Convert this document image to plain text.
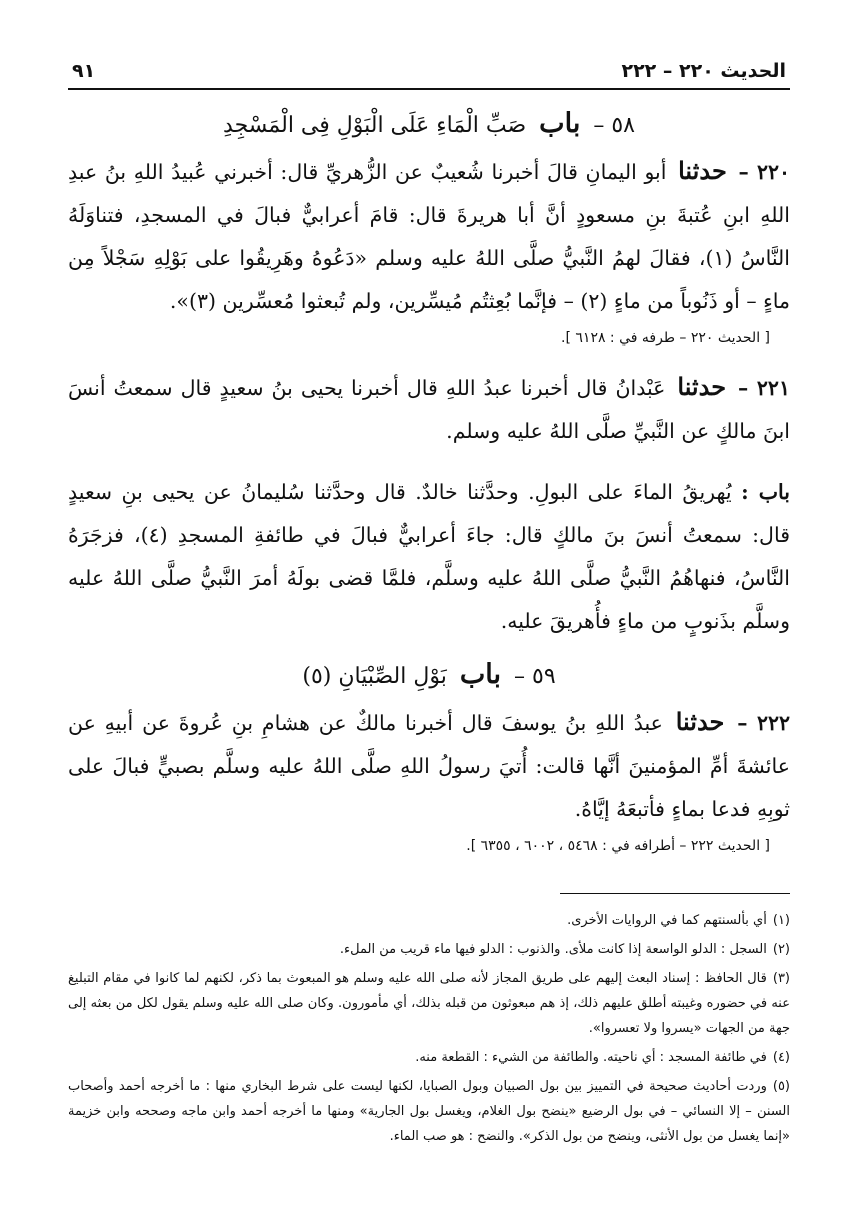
الحديث ٢٢٠ – ٢٢٢
٩١
٥٨ – باب صَبِّ الْمَاءِ عَلَى الْبَوْلِ فِى الْمَسْجِدِ

٢٢٠ – حدثنا أبو اليمانِ قالَ أخبرنا شُعيبٌ عن الزُّهريِّ قال: أخبرني عُبيدُ اللهِ بنُ عبدِ اللهِ ابنِ عُتبةَ بنِ مسعودٍ أنَّ أبا هريرةَ قال: قامَ أعرابيٌّ فبالَ في المسجدِ، فتناوَلَهُ النَّاسُ (١)، فقالَ لهمُ النَّبيُّ صلَّى اللهُ عليه وسلم «دَعُوهُ وهَرِيقُوا على بَوْلِهِ سَجْلاً مِن ماءٍ – أو ذَنُوباً من ماءٍ (٢) – فإنَّما بُعِثتُم مُيسِّرين، ولم تُبعثوا مُعسِّرين (٣)».

[ الحديث ٢٢٠ – طرفه في : ٦١٢٨ ].

٢٢١ – حدثنا عَبْدانُ قال أخبرنا عبدُ اللهِ قال أخبرنا يحيى بنُ سعيدٍ قال سمعتُ أنسَ ابنَ مالكٍ عن النَّبيِّ صلَّى اللهُ عليه وسلم.

باب : يُهريقُ الماءَ على البولِ. وحدَّثنا خالدٌ. قال وحدَّثنا سُليمانُ عن يحيى بنِ سعيدٍ قال: سمعتُ أنسَ بنَ مالكٍ قال: جاءَ أعرابيٌّ فبالَ في طائفةِ المسجدِ (٤)، فزجَرَهُ النَّاسُ، فنهاهُمُ النَّبيُّ صلَّى اللهُ عليه وسلَّم، فلمَّا قضى بولَهُ أمرَ النَّبيُّ صلَّى اللهُ عليه وسلَّم بذَنوبٍ من ماءٍ فأُهريقَ عليه.

٥٩ – باب بَوْلِ الصِّبْيَانِ (٥)

٢٢٢ – حدثنا عبدُ اللهِ بنُ يوسفَ قال أخبرنا مالكٌ عن هشامِ بنِ عُروةَ عن أبيهِ عن عائشةَ أمِّ المؤمنينَ أنَّها قالت: أُتيَ رسولُ اللهِ صلَّى اللهُ عليه وسلَّم بصبيٍّ فبالَ على ثوبِهِ فدعا بماءٍ فأتبعَهُ إيَّاهُ.

[ الحديث ٢٢٢ – أطرافه في : ٥٤٦٨ ، ٦٠٠٢ ، ٦٣٥٥ ].

(١)أي بألسنتهم كما في الروايات الأخرى.

(٢)السجل : الدلو الواسعة إذا كانت ملأى. والذنوب : الدلو فيها ماء قريب من الملء.

(٣)قال الحافظ : إسناد البعث إليهم على طريق المجاز لأنه صلى الله عليه وسلم هو المبعوث بما ذكر، لكنهم لما كانوا في مقام التبليغ عنه في حضوره وغيبته أطلق عليهم ذلك، إذ هم مبعوثون من قبله بذلك، أي مأمورون. وكان صلى الله عليه وسلم يقول لكل من بعثه إلى جهة من الجهات «يسروا ولا تعسروا».

(٤)في طائفة المسجد : أي ناحيته. والطائفة من الشيء : القطعة منه.

(٥)وردت أحاديث صحيحة في التمييز بين بول الصبيان وبول الصبايا، لكنها ليست على شرط البخاري منها : ما أخرجه أحمد وأصحاب السنن – إلا النسائي – في بول الرضيع «ينضح بول الغلام، ويغسل بول الجارية» ومنها ما أخرجه أحمد وابن ماجه وصححه وابن خزيمة «إنما يغسل من بول الأنثى، وينضح من بول الذكر». والنضح : هو صب الماء.
